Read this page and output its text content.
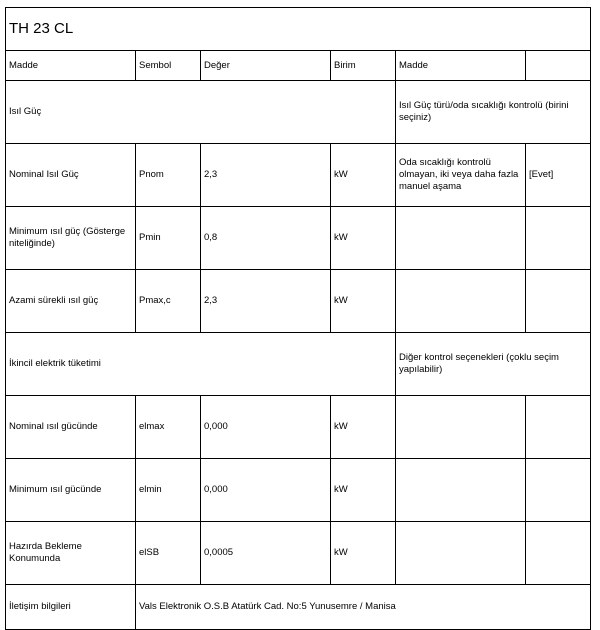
TH 23 CL					
Madde	Sembol	Değer	Birim	Madde	
Isıl Güç				Isıl Güç türü/oda sıcaklığı kontrolü (birini seçiniz)	
Nominal Isıl Güç	Pnom	2,3	kW	Oda sıcaklığı kontrolü olmayan, iki veya daha fazla manuel aşama	[Evet]
Minimum ısıl güç (Gösterge niteliğinde)	Pmin	0,8	kW		
Azami sürekli ısıl güç	Pmax,c	2,3	kW		
İkincil elektrik tüketimi				Diğer kontrol seçenekleri (çoklu seçim yapılabilir)	
Nominal ısıl gücünde	elmax	0,000	kW		
Minimum ısıl gücünde	elmin	0,000	kW		
Hazırda Bekleme Konumunda	elSB	0,0005	kW		
İletişim bilgileri	Vals Elektronik O.S.B Atatürk Cad. No:5 Yunusemre / Manisa				
